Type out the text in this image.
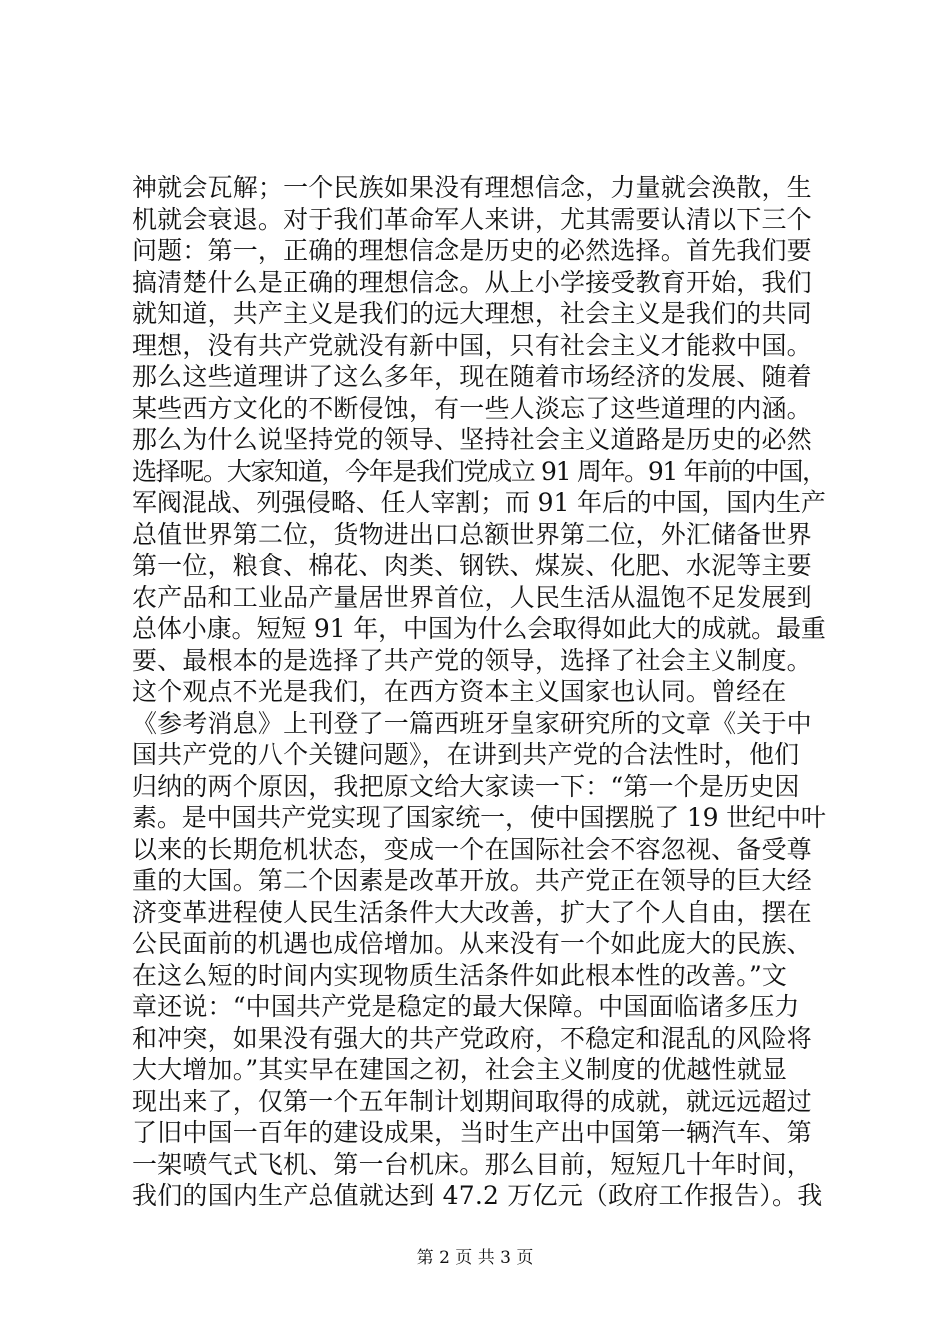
神就会瓦解；一个民族如果没有理想信念，力量就会涣散，生
机就会衰退。对于我们革命军人来讲，尤其需要认清以下三个
问题：第一，正确的理想信念是历史的必然选择。首先我们要
搞清楚什么是正确的理想信念。从上小学接受教育开始，我们
就知道，共产主义是我们的远大理想，社会主义是我们的共同
理想，没有共产党就没有新中国，只有社会主义才能救中国。
那么这些道理讲了这么多年，现在随着市场经济的发展、随着
某些西方文化的不断侵蚀，有一些人淡忘了这些道理的内涵。
那么为什么说坚持党的领导、坚持社会主义道路是历史的必然
选择呢。大家知道，今年是我们党成立 91 周年。91 年前的中国，
军阀混战、列强侵略、任人宰割；而 91 年后的中国，国内生产
总值世界第二位，货物进出口总额世界第二位，外汇储备世界
第一位，粮食、棉花、肉类、钢铁、煤炭、化肥、水泥等主要
农产品和工业品产量居世界首位，人民生活从温饱不足发展到
总体小康。短短 91 年，中国为什么会取得如此大的成就。最重
要、最根本的是选择了共产党的领导，选择了社会主义制度。
这个观点不光是我们，在西方资本主义国家也认同。曾经在
《参考消息》上刊登了一篇西班牙皇家研究所的文章《关于中
国共产党的八个关键问题》，在讲到共产党的合法性时，他们
归纳的两个原因，我把原文给大家读一下：“第一个是历史因
素。是中国共产党实现了国家统一，使中国摆脱了 19 世纪中叶
以来的长期危机状态，变成一个在国际社会不容忽视、备受尊
重的大国。第二个因素是改革开放。共产党正在领导的巨大经
济变革进程使人民生活条件大大改善，扩大了个人自由，摆在
公民面前的机遇也成倍增加。从来没有一个如此庞大的民族、
在这么短的时间内实现物质生活条件如此根本性的改善。”文
章还说：“中国共产党是稳定的最大保障。中国面临诸多压力
和冲突，如果没有强大的共产党政府，不稳定和混乱的风险将
大大增加。”其实早在建国之初，社会主义制度的优越性就显
现出来了，仅第一个五年制计划期间取得的成就，就远远超过
了旧中国一百年的建设成果，当时生产出中国第一辆汽车、第
一架喷气式飞机、第一台机床。那么目前，短短几十年时间，
我们的国内生产总值就达到 47.2 万亿元（政府工作报告）。我
第 2 页 共 3 页
